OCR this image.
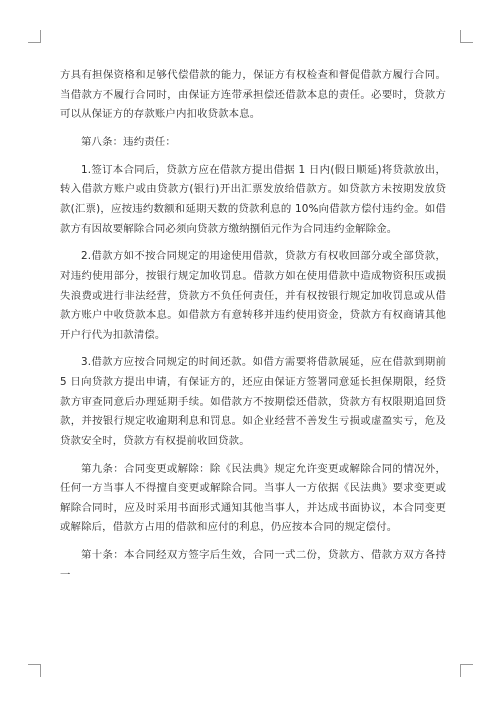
方具有担保资格和足够代偿借款的能力，保证方有权检查和督促借款方履行合同。当借款方不履行合同时，由保证方连带承担偿还借款本息的责任。必要时，贷款方可以从保证方的存款账户内扣收贷款本息。

第八条：违约责任：

1.签订本合同后，贷款方应在借款方提出借据 1 日内(假日顺延)将贷款放出，转入借款方账户或由贷款方(银行)开出汇票发放给借款方。如贷款方未按期发放贷款(汇票)，应按违约数额和延期天数的贷款利息的 10%向借款方偿付违约金。如借款方有因故要解除合同必须向贷款方缴纳捌佰元作为合同违约金解除金。

2.借款方如不按合同规定的用途使用借款，贷款方有权收回部分或全部贷款，对违约使用部分，按银行规定加收罚息。借款方如在使用借款中造成物资积压或损失浪费或进行非法经营，贷款方不负任何责任，并有权按银行规定加收罚息或从借款方账户中收贷款本息。如借款方有意转移并违约使用资金，贷款方有权商请其他开户行代为扣款清偿。

3.借款方应按合同规定的时间还款。如借方需要将借款展延，应在借款到期前 5 日向贷款方提出申请，有保证方的，还应由保证方签署同意延长担保期限，经贷款方审查同意后办理延期手续。如借款方不按期偿还借款，贷款方有权限期追回贷款，并按银行规定收逾期利息和罚息。如企业经营不善发生亏损或虚盈实亏，危及贷款安全时，贷款方有权提前收回贷款。

第九条：合同变更或解除：除《民法典》规定允许变更或解除合同的情况外，任何一方当事人不得擅自变更或解除合同。当事人一方依据《民法典》要求变更或解除合同时，应及时采用书面形式通知其他当事人，并达成书面协议，本合同变更或解除后，借款方占用的借款和应付的利息，仍应按本合同的规定偿付。

第十条：本合同经双方签字后生效，合同一式二份，贷款方、借款方双方各持一
